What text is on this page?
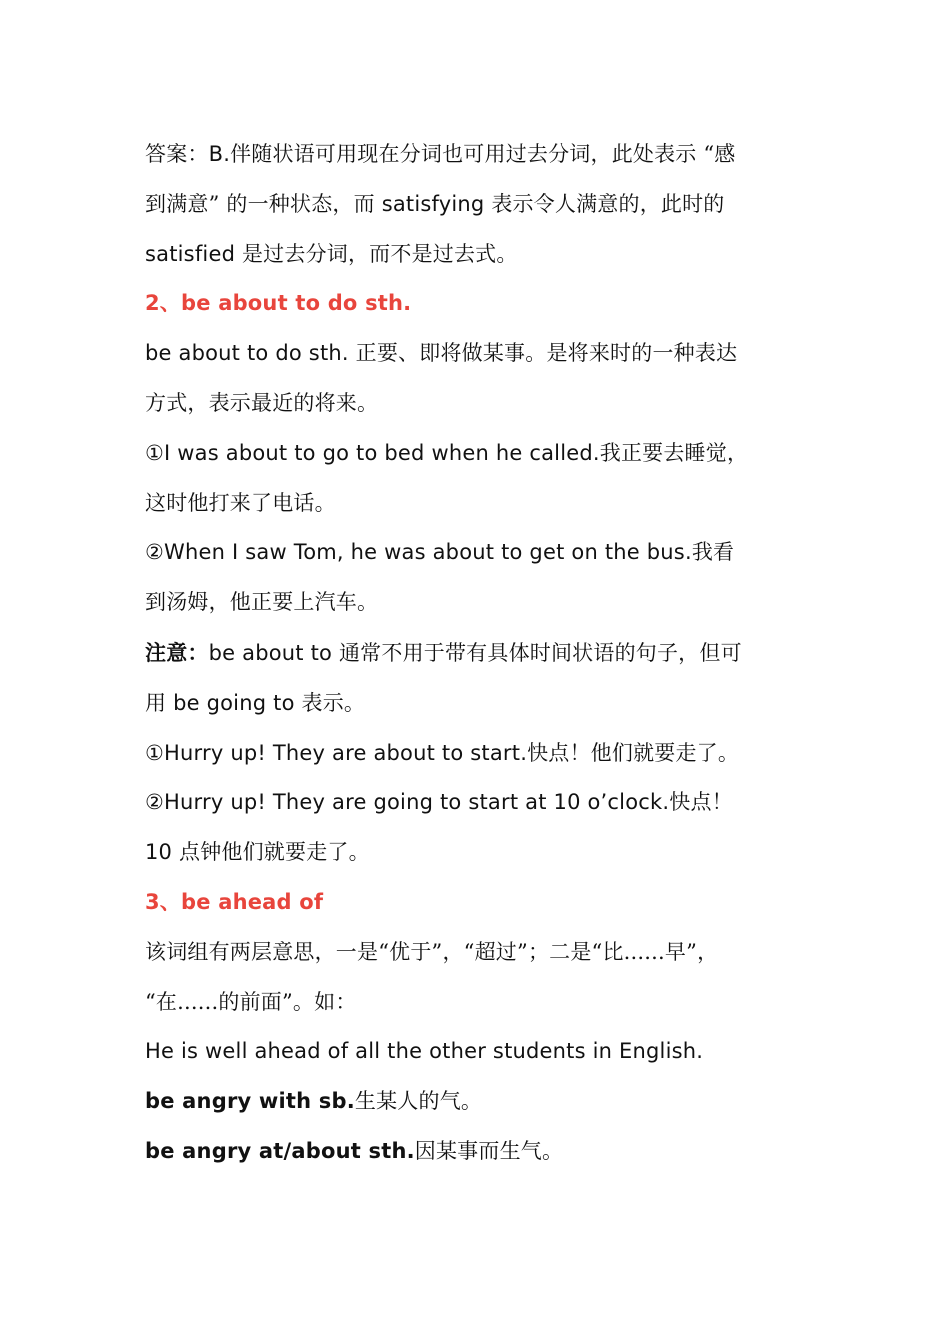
答案：B.伴随状语可用现在分词也可用过去分词，此处表示 “感

到满意” 的一种状态，而 satisfying 表示令人满意的，此时的

satisfied 是过去分词，而不是过去式。

2、be about to do sth.

be about to do sth. 正要、即将做某事。是将来时的一种表达

方式，表示最近的将来。

①I was about to go to bed when he called.我正要去睡觉，

这时他打来了电话。

②When I saw Tom, he was about to get on the bus.我看

到汤姆，他正要上汽车。

注意：be about to 通常不用于带有具体时间状语的句子，但可

用 be going to 表示。

①Hurry up! They are about to start.快点！他们就要走了。

②Hurry up! They are going to start at 10 o’clock.快点！

10 点钟他们就要走了。

3、be ahead of

该词组有两层意思，一是“优于”，“超过”；二是“比......早”，

“在......的前面”。如：

He is well ahead of all the other students in English.

be angry with sb.生某人的气。

be angry at/about sth.因某事而生气。
